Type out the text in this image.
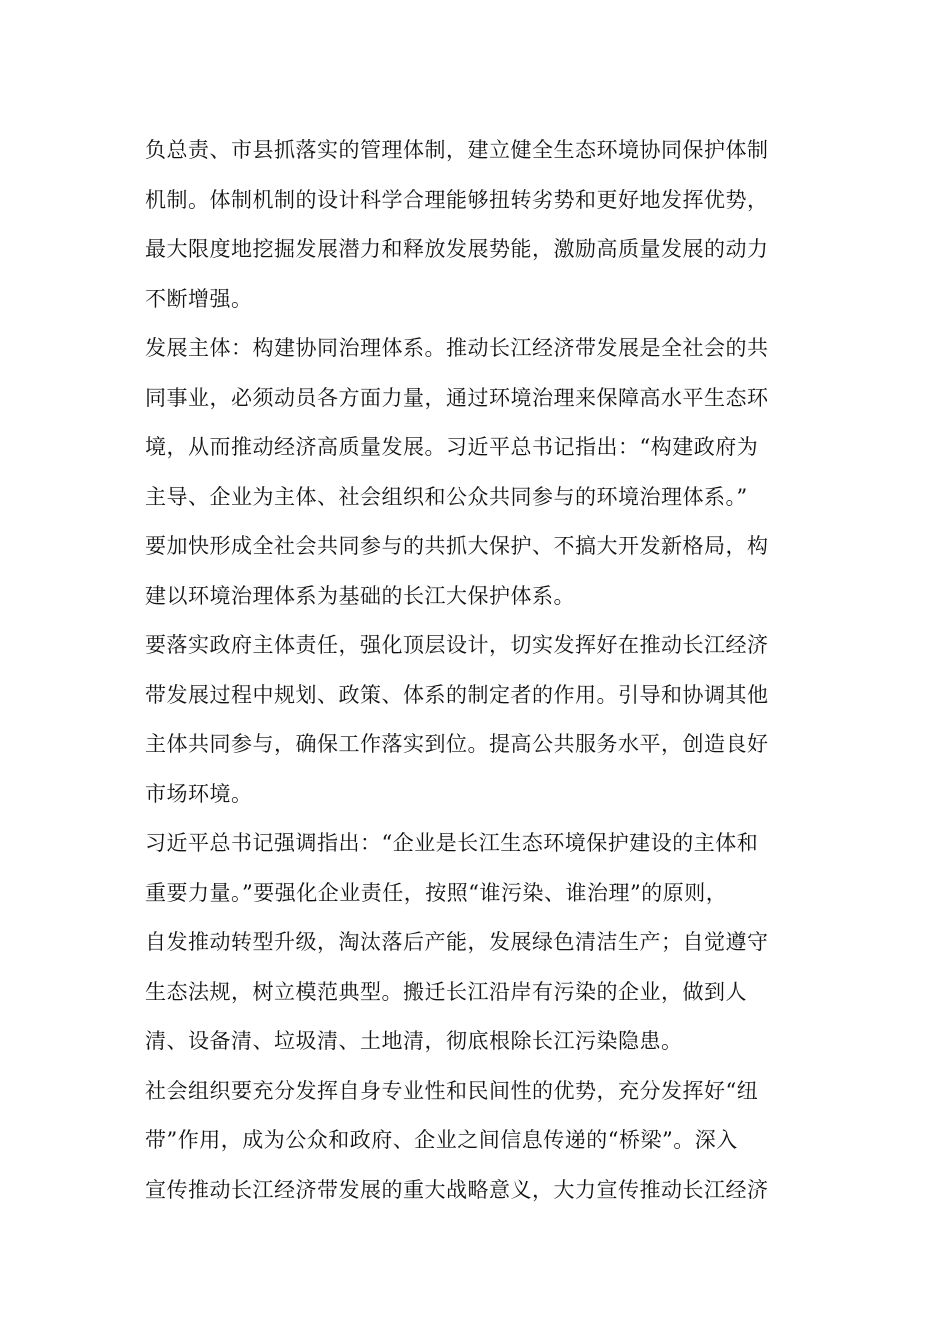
负总责、市县抓落实的管理体制，建立健全生态环境协同保护体制
机制。体制机制的设计科学合理能够扭转劣势和更好地发挥优势，
最大限度地挖掘发展潜力和释放发展势能，激励高质量发展的动力
不断增强。
发展主体：构建协同治理体系。推动长江经济带发展是全社会的共
同事业，必须动员各方面力量，通过环境治理来保障高水平生态环
境，从而推动经济高质量发展。习近平总书记指出：“构建政府为
主导、企业为主体、社会组织和公众共同参与的环境治理体系。”
要加快形成全社会共同参与的共抓大保护、不搞大开发新格局，构
建以环境治理体系为基础的长江大保护体系。
要落实政府主体责任，强化顶层设计，切实发挥好在推动长江经济
带发展过程中规划、政策、体系的制定者的作用。引导和协调其他
主体共同参与，确保工作落实到位。提高公共服务水平，创造良好
市场环境。
习近平总书记强调指出：“企业是长江生态环境保护建设的主体和
重要力量。”要强化企业责任，按照“谁污染、谁治理”的原则，
自发推动转型升级，淘汰落后产能，发展绿色清洁生产；自觉遵守
生态法规，树立模范典型。搬迁长江沿岸有污染的企业，做到人
清、设备清、垃圾清、土地清，彻底根除长江污染隐患。
社会组织要充分发挥自身专业性和民间性的优势，充分发挥好“纽
带”作用，成为公众和政府、企业之间信息传递的“桥梁”。深入
宣传推动长江经济带发展的重大战略意义，大力宣传推动长江经济
